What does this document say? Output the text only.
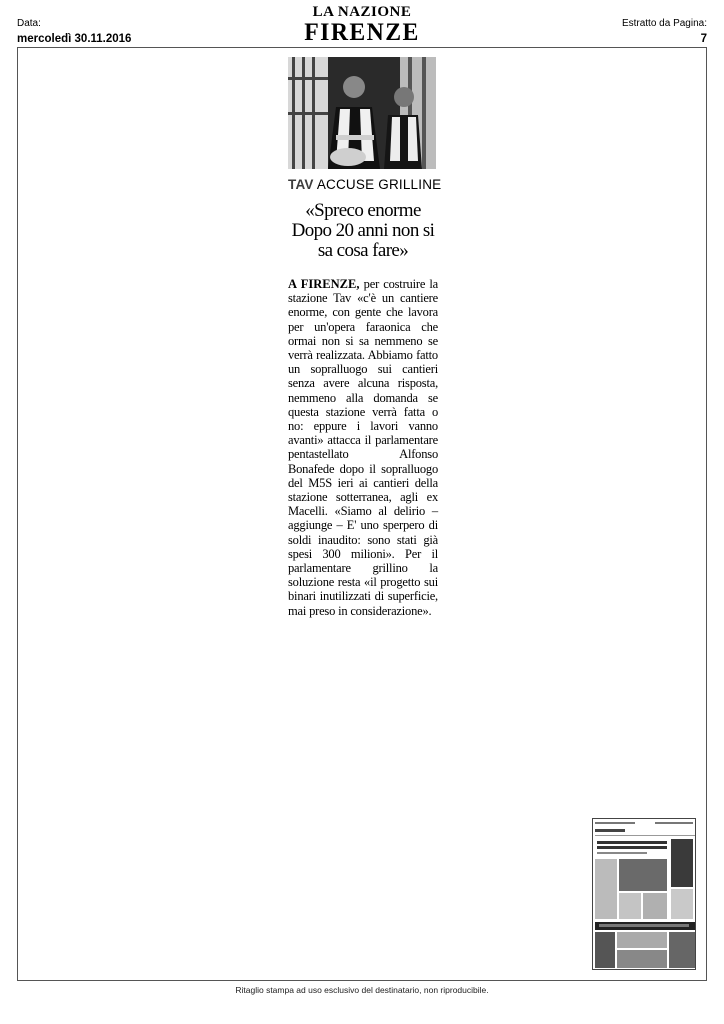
Data:
mercoledì 30.11.2016
LA NAZIONE
FIRENZE	Estratto da Pagina:
7
TAV ACCUSE GRILLINE
«Spreco enorme Dopo 20 anni non si sa cosa fare»

A FIRENZE, per costruire la stazione Tav «c'è un cantiere enorme, con gente che lavora per un'opera faraonica che ormai non si sa nemmeno se verrà realizzata. Abbiamo fatto un sopralluogo sui cantieri senza avere alcuna risposta, nemmeno alla domanda se questa stazione verrà fatta o no: eppure i lavori vanno avanti» attacca il parlamentare pentastellato Alfonso Bonafede dopo il sopralluogo del M5S ieri ai cantieri della stazione sotterranea, agli ex Macelli. «Siamo al delirio – aggiunge – E' uno sperpero di soldi inaudito: sono stati già spesi 300 milioni». Per il parlamentare grillino la soluzione resta «il progetto sui binari inutilizzati di superficie, mai preso in considerazione».

Ritaglio stampa ad uso esclusivo del destinatario, non riproducibile.
